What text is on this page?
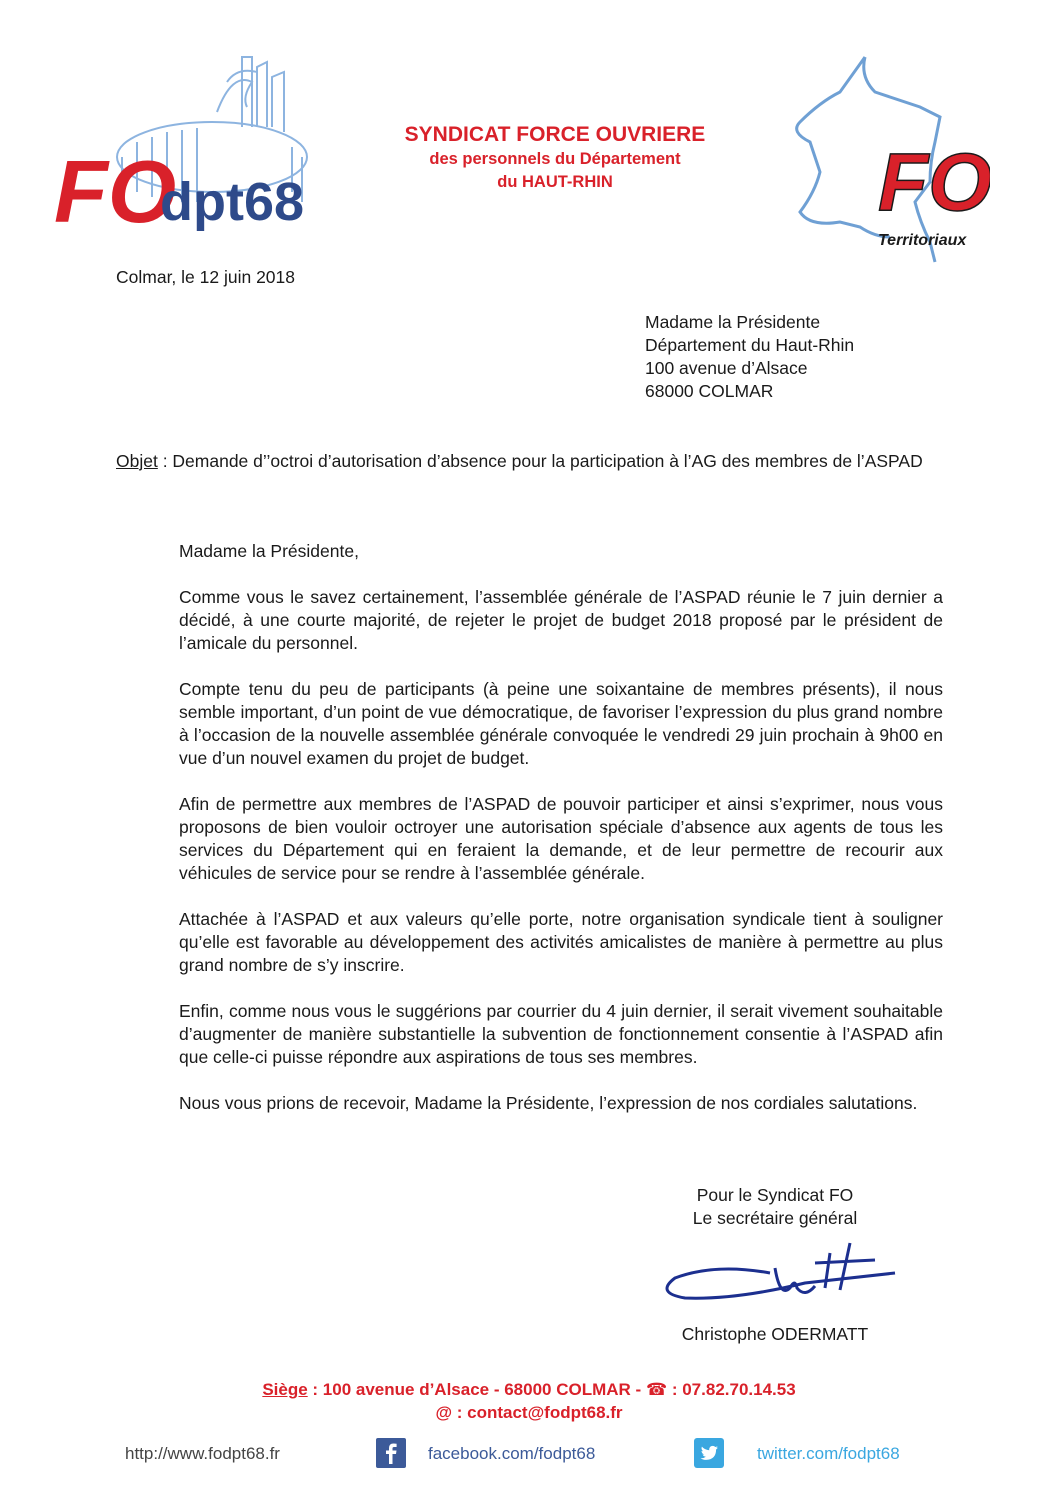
FO
dpt68
SYNDICAT FORCE OUVRIERE
des personnels du Département
du HAUT-RHIN	FO
Territoriaux
Colmar, le 12 juin 2018
Madame la Présidente
Département du Haut-Rhin
100 avenue d’Alsace
68000 COLMAR
Objet : Demande d’’octroi d’autorisation d’absence pour la participation à l’AG des membres de l’ASPAD

Madame la Présidente,

Comme vous le savez certainement, l’assemblée générale de l’ASPAD réunie le 7 juin dernier a décidé, à une courte majorité, de rejeter le projet de budget 2018 proposé par le président de l’amicale du personnel.

Compte tenu du peu de participants (à peine une soixantaine de membres présents), il nous semble important, d’un point de vue démocratique, de favoriser l’expression du plus grand nombre à l’occasion de la nouvelle assemblée générale convoquée le vendredi 29 juin prochain à 9h00 en vue d’un nouvel examen du projet de budget.

Afin de permettre aux membres de l’ASPAD de pouvoir participer et ainsi s’exprimer, nous vous proposons de bien vouloir octroyer une autorisation spéciale d’absence aux agents de tous les services du Département qui en feraient la demande, et de leur permettre de recourir aux véhicules de service pour se rendre à l’assemblée générale.

Attachée à l’ASPAD et aux valeurs qu’elle porte, notre organisation syndicale tient à souligner qu’elle est favorable au développement des activités amicalistes de manière à permettre au plus grand nombre de s’y inscrire.

Enfin, comme nous vous le suggérions par courrier du 4 juin dernier, il serait vivement souhaitable d’augmenter de manière substantielle la subvention de fonctionnement consentie à l’ASPAD afin que celle-ci puisse répondre aux aspirations de tous ses membres.

Nous vous prions de recevoir, Madame la Présidente, l’expression de nos cordiales salutations.

Pour le Syndicat FO
Le secrétaire général
Christophe ODERMATT
Siège : 100 avenue d’Alsace - 68000 COLMAR - ☎ : 07.82.70.14.53
@ : contact@fodpt68.fr
http://www.fodpt68.fr	facebook.com/fodpt68	twitter.com/fodpt68
